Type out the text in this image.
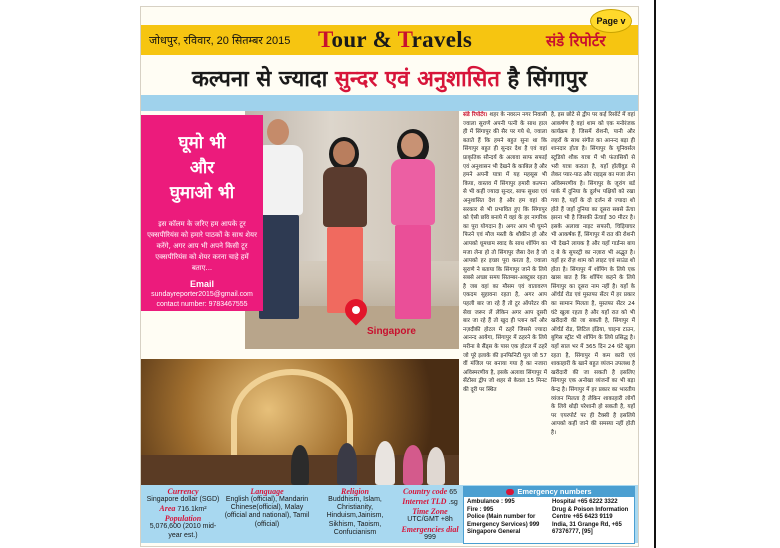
जोधपुर, रविवार, 20 सितम्बर 2015 Tour & Travels
Page v
संडे रिपोर्टर
कल्पना से ज्यादा सुन्दर एवं अनुशासित है सिंगापुर
Singapore
घूमो भी
और
घुमाओ भी
इस कॉलम के जरिए हम आपके टूर एक्सपीरियंस को हमारे पाठकों के साथ शेयर करेंगे, अगर आप भी अपने किसी टूर एक्सपीरियंस को शेयर करना चाहे हमें बताए...
Email
sundayreporter2015@gmail.com
contact number: 9783467555
संडे रिपोर्टर। शहर के नवरत्न नगर निवासी ज्वाला सुराणे अपनी पत्नी के साथ हाल ही में सिंगापुर की सैर पर गये थे, ज्वाला बताते हैं कि हमने बहुत सुना था कि सिंगापुर बहुत ही सुन्दर देश है एवं वहां प्राकृतिक सौन्दर्य के अलावा साफ सफाई एवं अनुशासन भी देखने के काबिल है और हमने अपनी यात्रा में यह महसूस भी किया, वास्तव में सिंगापुर हमारी कल्पना से भी कहीं ज्यादा सुन्दर, साफ सुथरा एवं अनुशासित देश है और हम वहां की सरकार से भी प्रभावित हुए कि सिंगापुर को ऐसी छवि बनाये में वहां के हर नागरिक का पूरा योगदान है। अगर आप भी घूमने फिरने एवं मौज मस्ती के शौकीन हो और आपको धूमधाम स्वाद के साथ शॉपिंग का मजा लेना हो तो सिंगापुर जैसा देश है जो आपको हर इच्छा पूरा करता है, ज्वाला सुराणे ने बताया कि सिंगापुर जाने के लिये सबसे अच्छा समय सितम्बर-अक्टूबर रहता है जब वहां का मौसम एवं वातावरण एकदम सुहावना रहता है, अगर आप पहली बार जा रहे हैं तो टूर ऑपरेटर की सेवा जरूर लें लेकिन अगर आप दूसरी बार जा रहे हैं तो खुद ही प्लान करें और नज़दीकी होटल में ठहरें जिससे ज्यादा आनन्द आयेगा, सिंगापुर में ठहरने के लिये मरीना बे सैंड्स के पास एक होटल में ठहरें जो पूरे इलाके की इनफिनिटी पूल जो 57 वीं मंजिल पर बनाया गया है का नजारा अविस्मरणीय है, इसके अलावा सिंगापुर में सेंटोसा द्वीप जो शहर से केवल 15 मिनट की दूरी पर स्थित
है, इस छोटे से द्वीप पर कई रिसॉर्ट में वहां आकर्षण है वहां शाम को एक मनोरंजक कार्यक्रम है जिसमें रोशनी, पानी और लहरों के साथ संगीत का आनन्द बड़ा ही शानदार होता है। सिंगापुर के यूनिवर्सल स्टूडियो शौक यात्रा में भी फंतासियों से भरी यात्रा कराता है, यहाँ हॉलीवुड से लेकर प्यार-पाठ और राइड्स का मजा लेना अविस्मरणीय है। सिंगापुर के जूरांग बर्ड पार्क में दुनिया के दुर्लभ पक्षियों को रखा गया है, यहाँ के दो दर्जन से ज्यादा शो होते हैं जहाँ दुनिया का दूसरा सबसे ऊँचा झरना भी है जिसकी ऊँचाई 30 मीटर है। इसके अलावा नाइट सफारी, चिड़ियाघर भी आकर्षक हैं, सिंगापुर में रात की रोशनी भी देखने लायक है और यहाँ गार्डन्स बाय द बे के सुपरट्री का नज़ारा भी अद्भुत है। यहाँ हर रोज़ शाम को लाइट एवं साउंड शो होता है। सिंगापुर में शॉपिंग के लिये एक खास बात है कि शॉपिंग कहने के लिये सिंगापुर का दूसरा नाम नहीं है। यहाँ के ऑर्चर्ड रोड एवं मुस्तफा सेंटर में हर प्रकार का सामान मिलता है, मुस्तफा सेंटर 24 घंटे खुला रहता है और यहाँ रात को भी खरीदारी की जा सकती है, सिंगापुर में ऑर्चर्ड रोड, लिटिल इंडिया, चाइना टाउन, बुगिस स्ट्रीट भी शॉपिंग के लिये प्रसिद्ध है। यहाँ साल भर में 365 दिन 24 घंटे खुला रहता है, सिंगापुर में कम कारी एवं शाकाहारी के खाने बहुत व्यंजन उपलब्ध है खरीदारी की जा सकती है इसलिए सिंगापुर एक अनोखा व्यंजनों का भी बड़ा केन्द्र है। सिंगापुर में हर प्रकार का भारतीय व्यंजन मिलता है लेकिन शाकाहारी लोगों के लिये थोड़ी परेशानी हो सकती है, यहाँ पर एयरपोर्ट पर ही टैक्सी है इसलिये आपको कहीं जाने की समस्या नहीं होती है।
Currency
Singapore dollar (SGD)
Area 716.1km²
Population
5,076,600 (2010 mid-year est.)
Language
English (official), Mandarin Chinese(official), Malay (official and national), Tamil (official)
Religion
Buddhism, Islam, Christianity, Hinduism,Jainism, Sikhism, Taoism, Confucianism
Country code 65
Internet TLD .sg
Time Zone
UTC/GMT +8h
Emergencies dial
999
Emergency numbers
Ambulance : 995
Fire : 995
Police (Main number for Emergency Services) 999
Singapore General
Hospital +65 6222 3322
Drug & Poison Information Centre +65 6423 9119
India, 31 Grange Rd, +65 67376777, [95]
